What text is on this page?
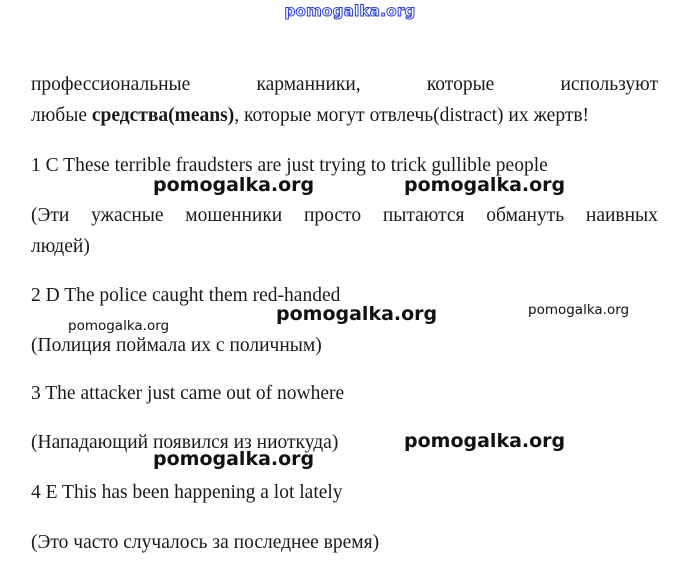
pomogalka.org
профессиональные	карманники,	которые	используют
любые средства(means), которые могут отвлечь(distract) их жертв!
1 C These terrible fraudsters are just trying to trick gullible people
(Эти ужасные мошенники просто пытаются обмануть наивных
людей)
2 D The police caught them red-handed
(Полиция поймала их с поличным)
3 The attacker just came out of nowhere
(Нападающий появился из ниоткуда)
4 E This has been happening a lot lately
(Это часто случалось за последнее время)
pomogalka.org	pomogalka.org
pomogalka.org
pomogalka.org
pomogalka.org
pomogalka.org
pomogalka.org
